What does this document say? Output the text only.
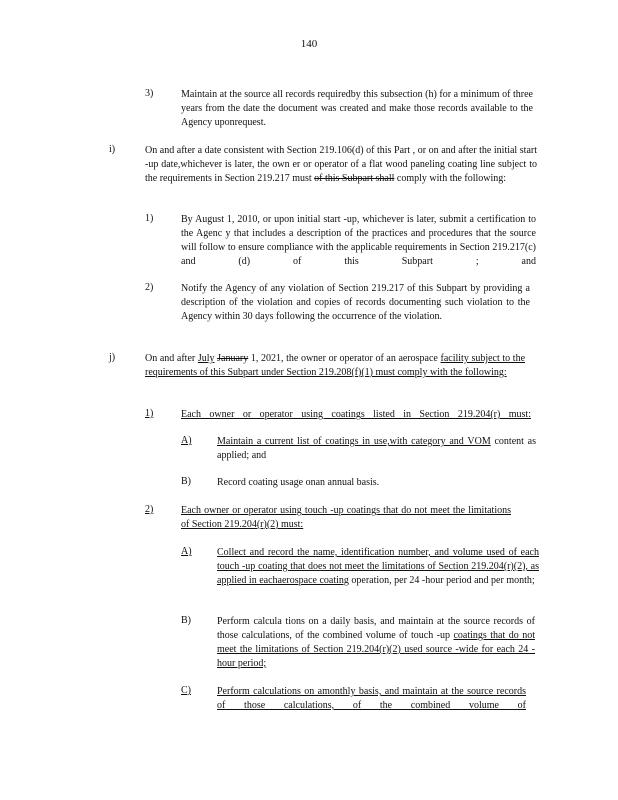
140
3)	Maintain at the source all records requiredby this subsection (h) for a minimum of three years from the date the document was created and make those records available to the Agency uponrequest.
i)	On and after a date consistent with Section 219.106(d) of this Part , or on and after the initial start -up date,whichever is later, the own er or operator of a flat wood paneling coating line subject to the requirements in Section 219.217 must of this Subpart shall comply with the following:
1)	By August 1, 2010, or upon initial start -up, whichever is later, submit a certification to the Agenc y that includes a description of the practices and procedures that the source will follow to ensure compliance with the applicable requirements in Section 219.217(c) and (d) of this Subpart ; and
2)	Notify the Agency of any violation of Section 219.217 of this Subpart by providing a description of the violation and copies of records documenting such violation to the Agency within 30 days following the occurrence of the violation.
j)	On and after July January 1, 2021, the owner or operator of an aerospace facility subject to the requirements of this Subpart under Section 219.208(f)(1) must comply with the following:
1)	Each owner or operator using coatings listed in Section 219.204(r) must:
A)	Maintain a current list of coatings in use,with category and VOM content as applied; and
B)	Record coating usage onan annual basis.
2)	Each owner or operator using touch -up coatings that do not meet the limitations of Section 219.204(r)(2) must:
A)	Collect and record the name, identification number, and volume used of each touch -up coating that does not meet the limitations of Section 219.204(r)(2), as applied in eachaerospace coating operation, per 24 -hour period and per month;
B)	Perform calcula tions on a daily basis, and maintain at the source records of those calculations, of the combined volume of touch -up coatings that do not meet the limitations of Section 219.204(r)(2) used source -wide for each 24 -hour period;
C)	Perform calculations on amonthly basis, and maintain at the source records of those calculations, of the combined volume of
